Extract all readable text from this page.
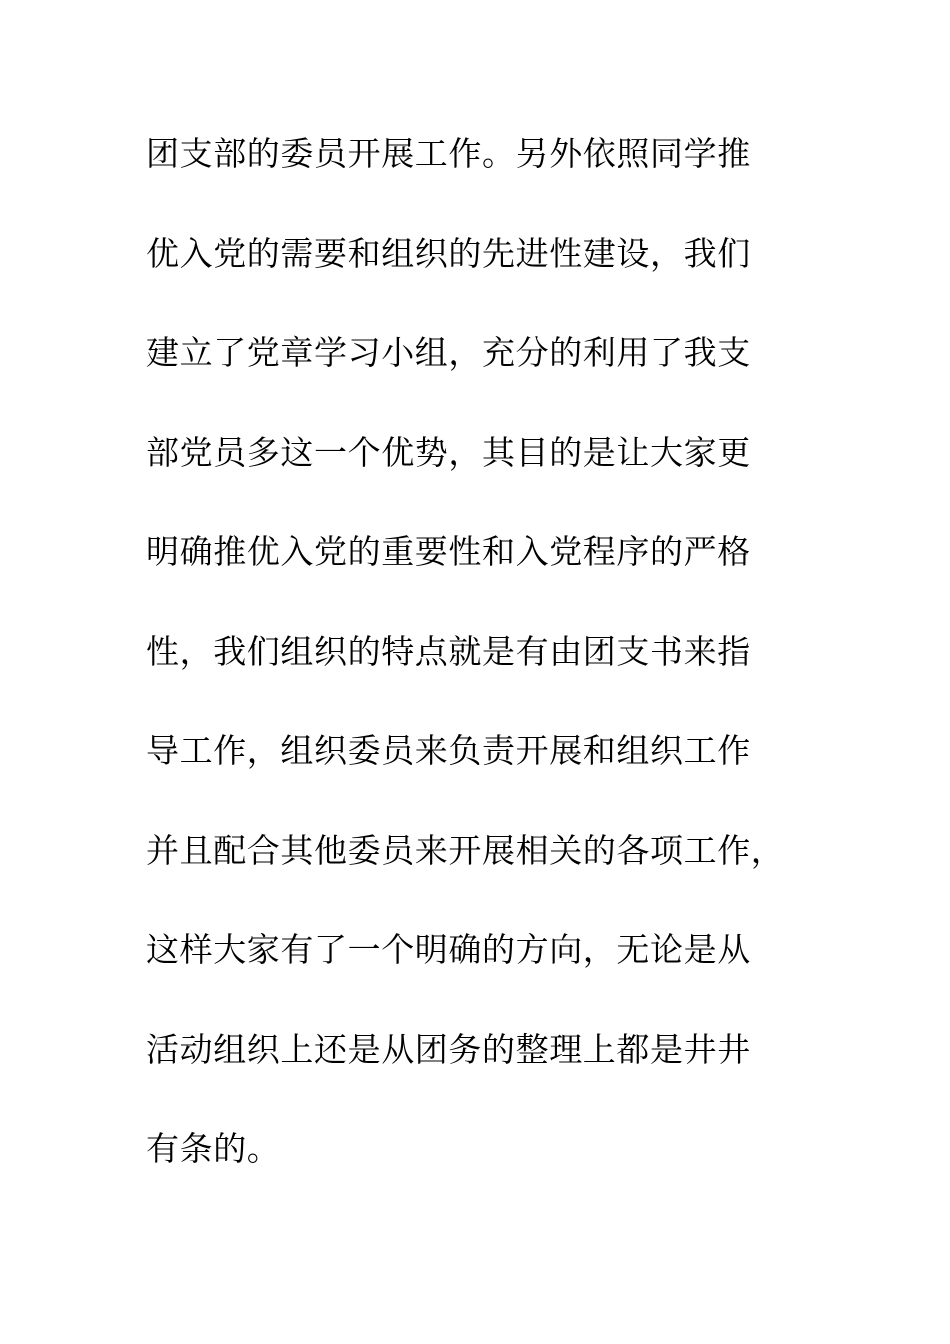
团支部的委员开展工作。另外依照同学推
优入党的需要和组织的先进性建设，我们
建立了党章学习小组，充分的利用了我支
部党员多这一个优势，其目的是让大家更
明确推优入党的重要性和入党程序的严格
性，我们组织的特点就是有由团支书来指
导工作，组织委员来负责开展和组织工作
并且配合其他委员来开展相关的各项工作，
这样大家有了一个明确的方向，无论是从
活动组织上还是从团务的整理上都是井井
有条的。
